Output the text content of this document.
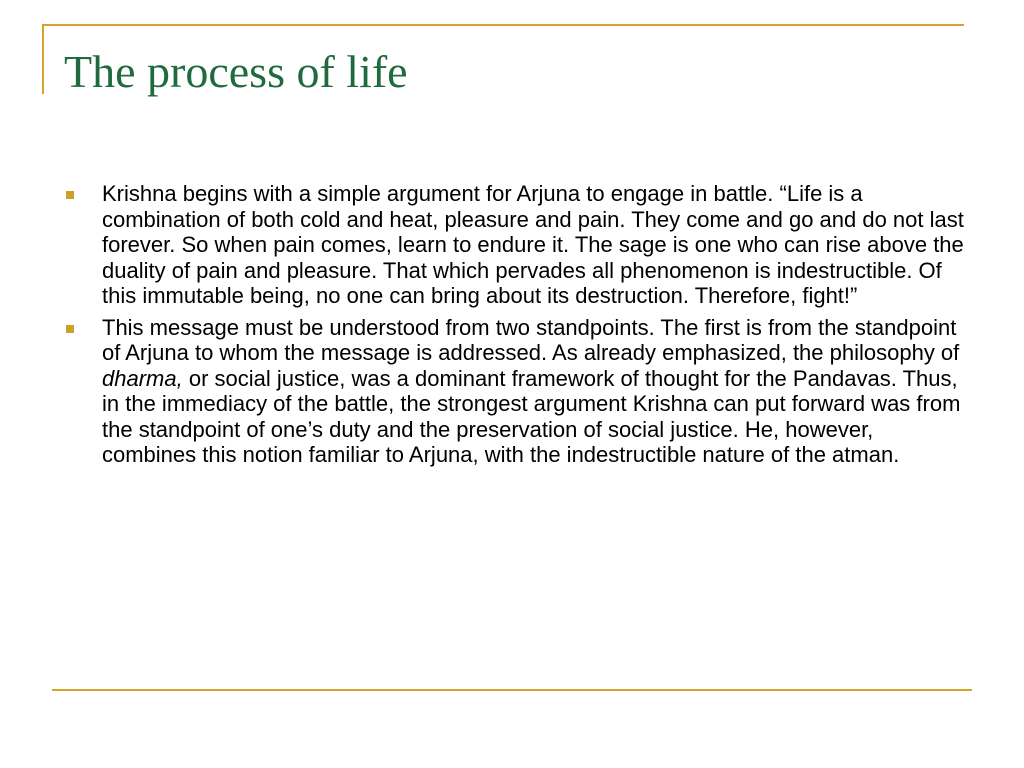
The process of life
Krishna begins with a simple argument for Arjuna to engage in battle. “Life is a combination of both cold and heat, pleasure and pain. They come and go and do not last forever. So when pain comes, learn to endure it. The sage is one who can rise above the duality of pain and pleasure. That which pervades all phenomenon is indestructible. Of this immutable being, no one can bring about its destruction. Therefore, fight!”
This message must be understood from two standpoints. The first is from the standpoint of Arjuna to whom the message is addressed. As already emphasized, the philosophy of dharma, or social justice, was a dominant framework of thought for the Pandavas. Thus, in the immediacy of the battle, the strongest argument Krishna can put forward was from the standpoint of one’s duty and the preservation of social justice. He, however, combines this notion familiar to Arjuna, with the indestructible nature of the atman.
